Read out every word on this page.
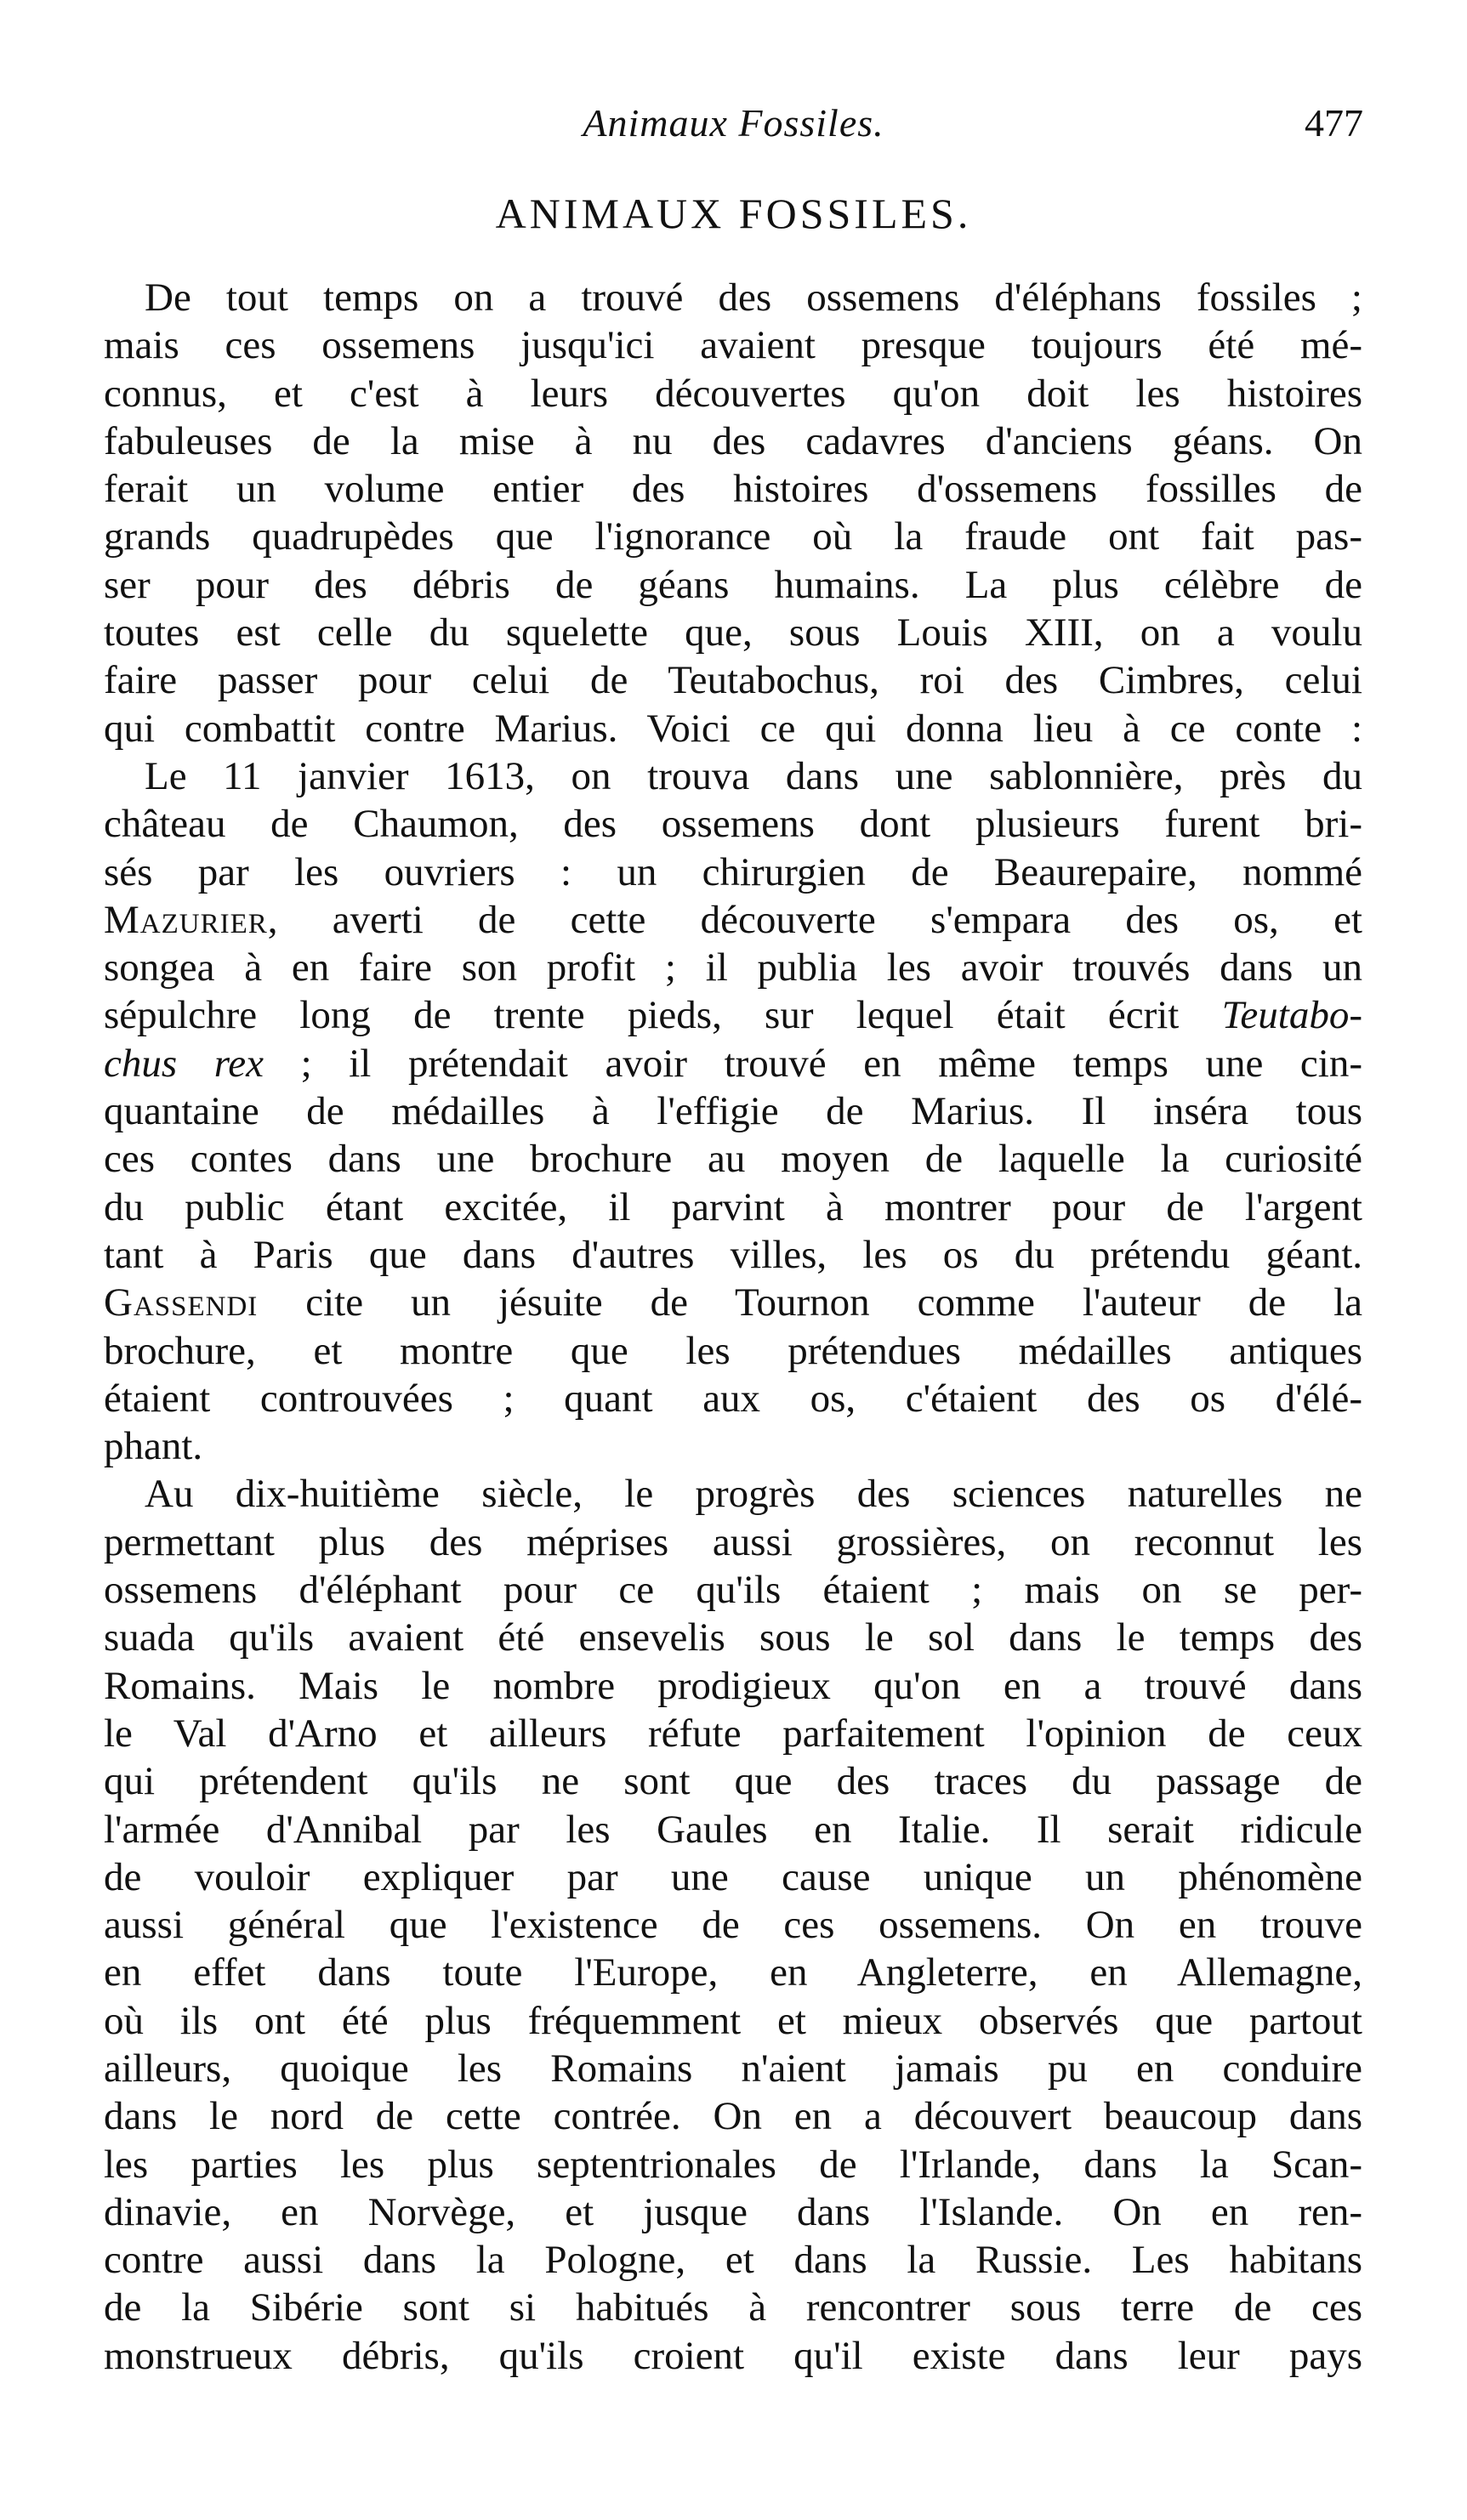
Animaux Fossiles.	477
ANIMAUX FOSSILES.
De tout temps on a trouvé des ossemens d'éléphans fossiles ;
mais ces ossemens jusqu'ici avaient presque toujours été mé-
connus, et c'est à leurs découvertes qu'on doit les histoires
fabuleuses de la mise à nu des cadavres d'anciens géans. On
ferait un volume entier des histoires d'ossemens fossilles de
grands quadrupèdes que l'ignorance où la fraude ont fait pas-
ser pour des débris de géans humains. La plus célèbre de
toutes est celle du squelette que, sous Louis XIII, on a voulu
faire passer pour celui de Teutabochus, roi des Cimbres, celui
qui combattit contre Marius. Voici ce qui donna lieu à ce conte :
Le 11 janvier 1613, on trouva dans une sablonnière, près du
château de Chaumon, des ossemens dont plusieurs furent bri-
sés par les ouvriers : un chirurgien de Beaurepaire, nommé
Mazurier, averti de cette découverte s'empara des os, et
songea à en faire son profit ; il publia les avoir trouvés dans un
sépulchre long de trente pieds, sur lequel était écrit Teutabo-
chus rex ; il prétendait avoir trouvé en même temps une cin-
quantaine de médailles à l'effigie de Marius. Il inséra tous
ces contes dans une brochure au moyen de laquelle la curiosité
du public étant excitée, il parvint à montrer pour de l'argent
tant à Paris que dans d'autres villes, les os du prétendu géant.
Gassendi cite un jésuite de Tournon comme l'auteur de la
brochure, et montre que les prétendues médailles antiques
étaient controuvées ; quant aux os, c'étaient des os d'élé-
phant.
Au dix-huitième siècle, le progrès des sciences naturelles ne
permettant plus des méprises aussi grossières, on reconnut les
ossemens d'éléphant pour ce qu'ils étaient ; mais on se per-
suada qu'ils avaient été ensevelis sous le sol dans le temps des
Romains. Mais le nombre prodigieux qu'on en a trouvé dans
le Val d'Arno et ailleurs réfute parfaitement l'opinion de ceux
qui prétendent qu'ils ne sont que des traces du passage de
l'armée d'Annibal par les Gaules en Italie. Il serait ridicule
de vouloir expliquer par une cause unique un phénomène
aussi général que l'existence de ces ossemens. On en trouve
en effet dans toute l'Europe, en Angleterre, en Allemagne,
où ils ont été plus fréquemment et mieux observés que partout
ailleurs, quoique les Romains n'aient jamais pu en conduire
dans le nord de cette contrée. On en a découvert beaucoup dans
les parties les plus septentrionales de l'Irlande, dans la Scan-
dinavie, en Norvège, et jusque dans l'Islande. On en ren-
contre aussi dans la Pologne, et dans la Russie. Les habitans
de la Sibérie sont si habitués à rencontrer sous terre de ces
monstrueux débris, qu'ils croient qu'il existe dans leur pays
